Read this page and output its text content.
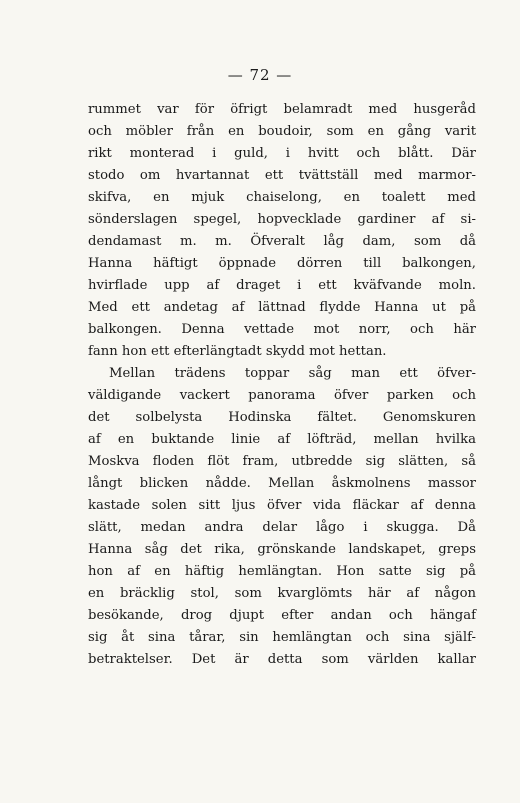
— 72 —
rummet var för öfrigt belamradt med husgeråd
och möbler från en boudoir, som en gång varit
rikt monterad i guld, i hvitt och blått. Där
stodo om hvartannat ett tvättställ med marmor-
skifva, en mjuk chaiselong, en toalett med
sönderslagen spegel, hopvecklade gardiner af si-
dendamast m. m. Öfveralt låg dam, som då
Hanna häftigt öppnade dörren till balkongen,
hvirflade upp af draget i ett kväfvande moln.
Med ett andetag af lättnad flydde Hanna ut på
balkongen. Denna vettade mot norr, och här
fann hon ett efterlängtadt skydd mot hettan.
Mellan trädens toppar såg man ett öfver-
väldigande vackert panorama öfver parken och
det solbelysta Hodinska fältet. Genomskuren
af en buktande linie af löfträd, mellan hvilka
Moskva floden flöt fram, utbredde sig slätten, så
långt blicken nådde. Mellan åskmolnens massor
kastade solen sitt ljus öfver vida fläckar af denna
slätt, medan andra delar lågo i skugga. Då
Hanna såg det rika, grönskande landskapet, greps
hon af en häftig hemlängtan. Hon satte sig på
en bräcklig stol, som kvarglömts här af någon
besökande, drog djupt efter andan och hängaf
sig åt sina tårar, sin hemlängtan och sina själf-
betraktelser. Det är detta som världen kallar
